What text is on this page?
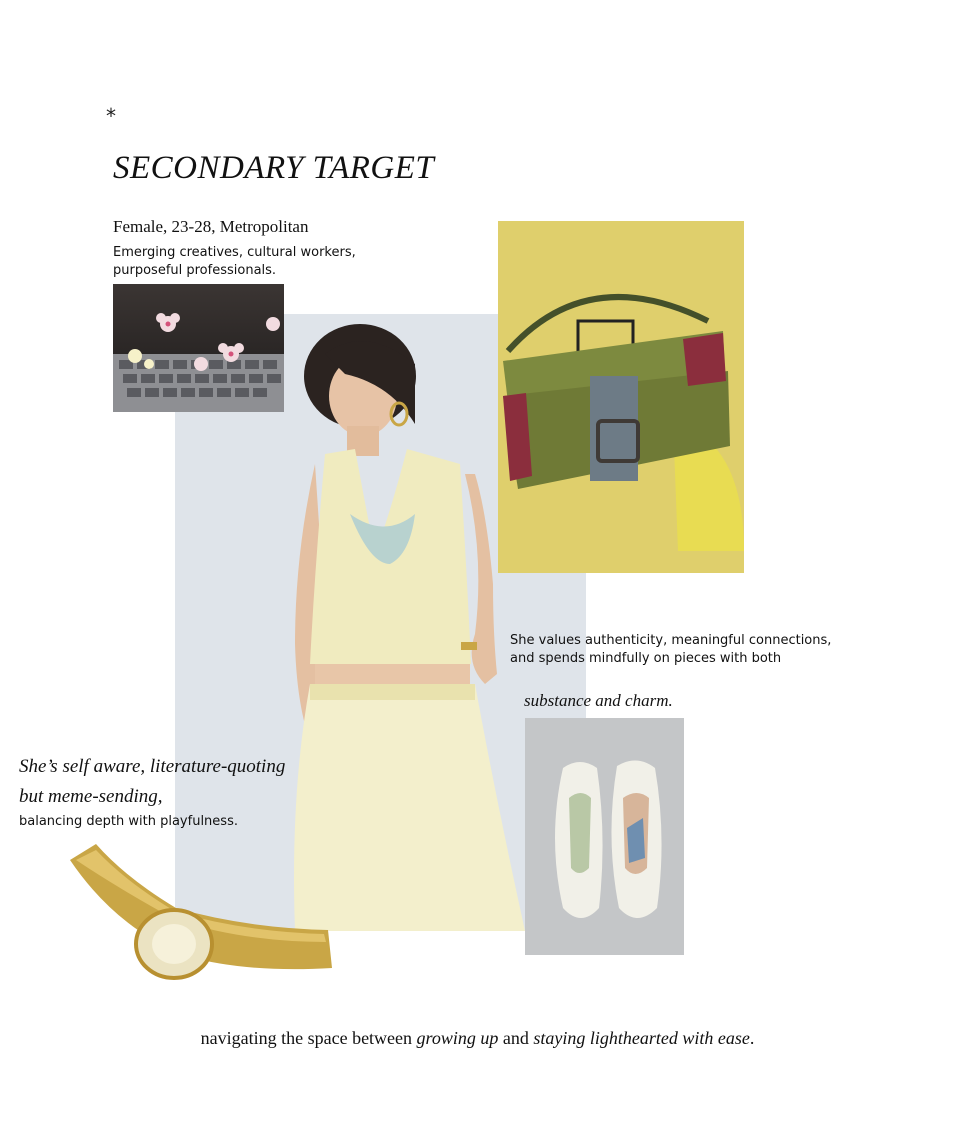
*
SECONDARY TARGET
Female, 23-28, Metropolitan
Emerging creatives, cultural workers,
purposeful professionals.
She values authenticity, meaningful connections,
and spends mindfully on pieces with both
substance and charm.
She’s self aware, literature-quoting
but meme-sending,
balancing depth with playfulness.
navigating the space between growing up and staying lighthearted with ease.
